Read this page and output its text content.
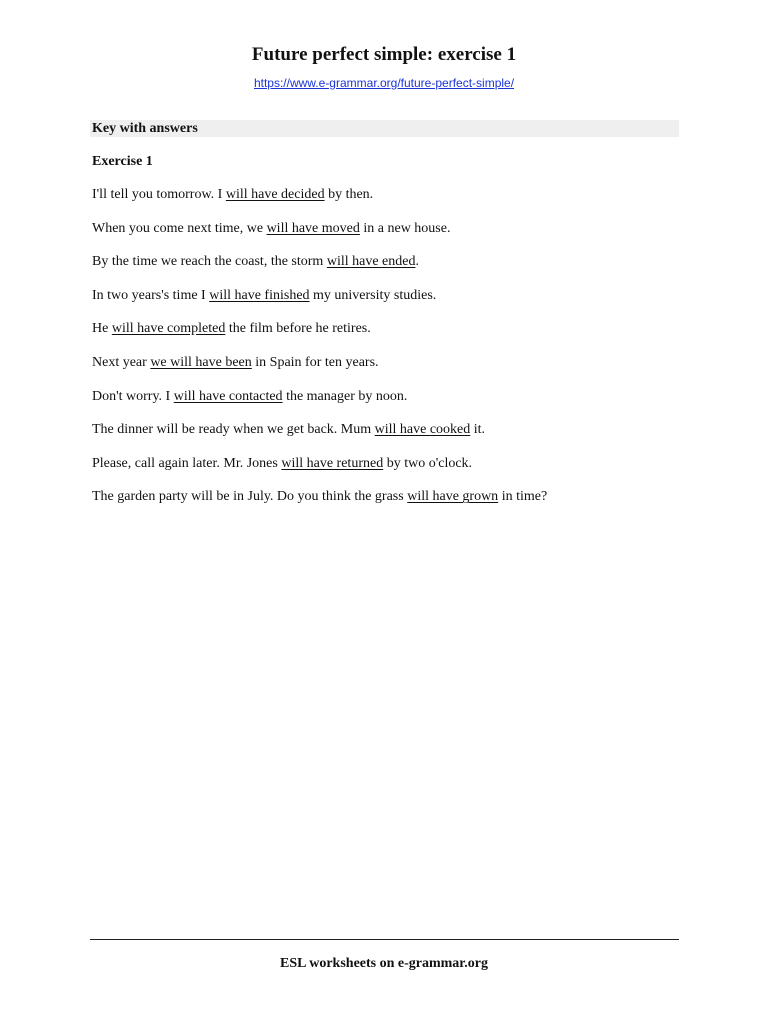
Future perfect simple: exercise 1
https://www.e-grammar.org/future-perfect-simple/
Key with answers
Exercise 1
I'll tell you tomorrow. I will have decided by then.
When you come next time, we will have moved in a new house.
By the time we reach the coast, the storm will have ended.
In two years's time I will have finished my university studies.
He will have completed the film before he retires.
Next year we will have been in Spain for ten years.
Don't worry. I will have contacted the manager by noon.
The dinner will be ready when we get back. Mum will have cooked it.
Please, call again later. Mr. Jones will have returned by two o'clock.
The garden party will be in July. Do you think the grass will have grown in time?
ESL worksheets on e-grammar.org
